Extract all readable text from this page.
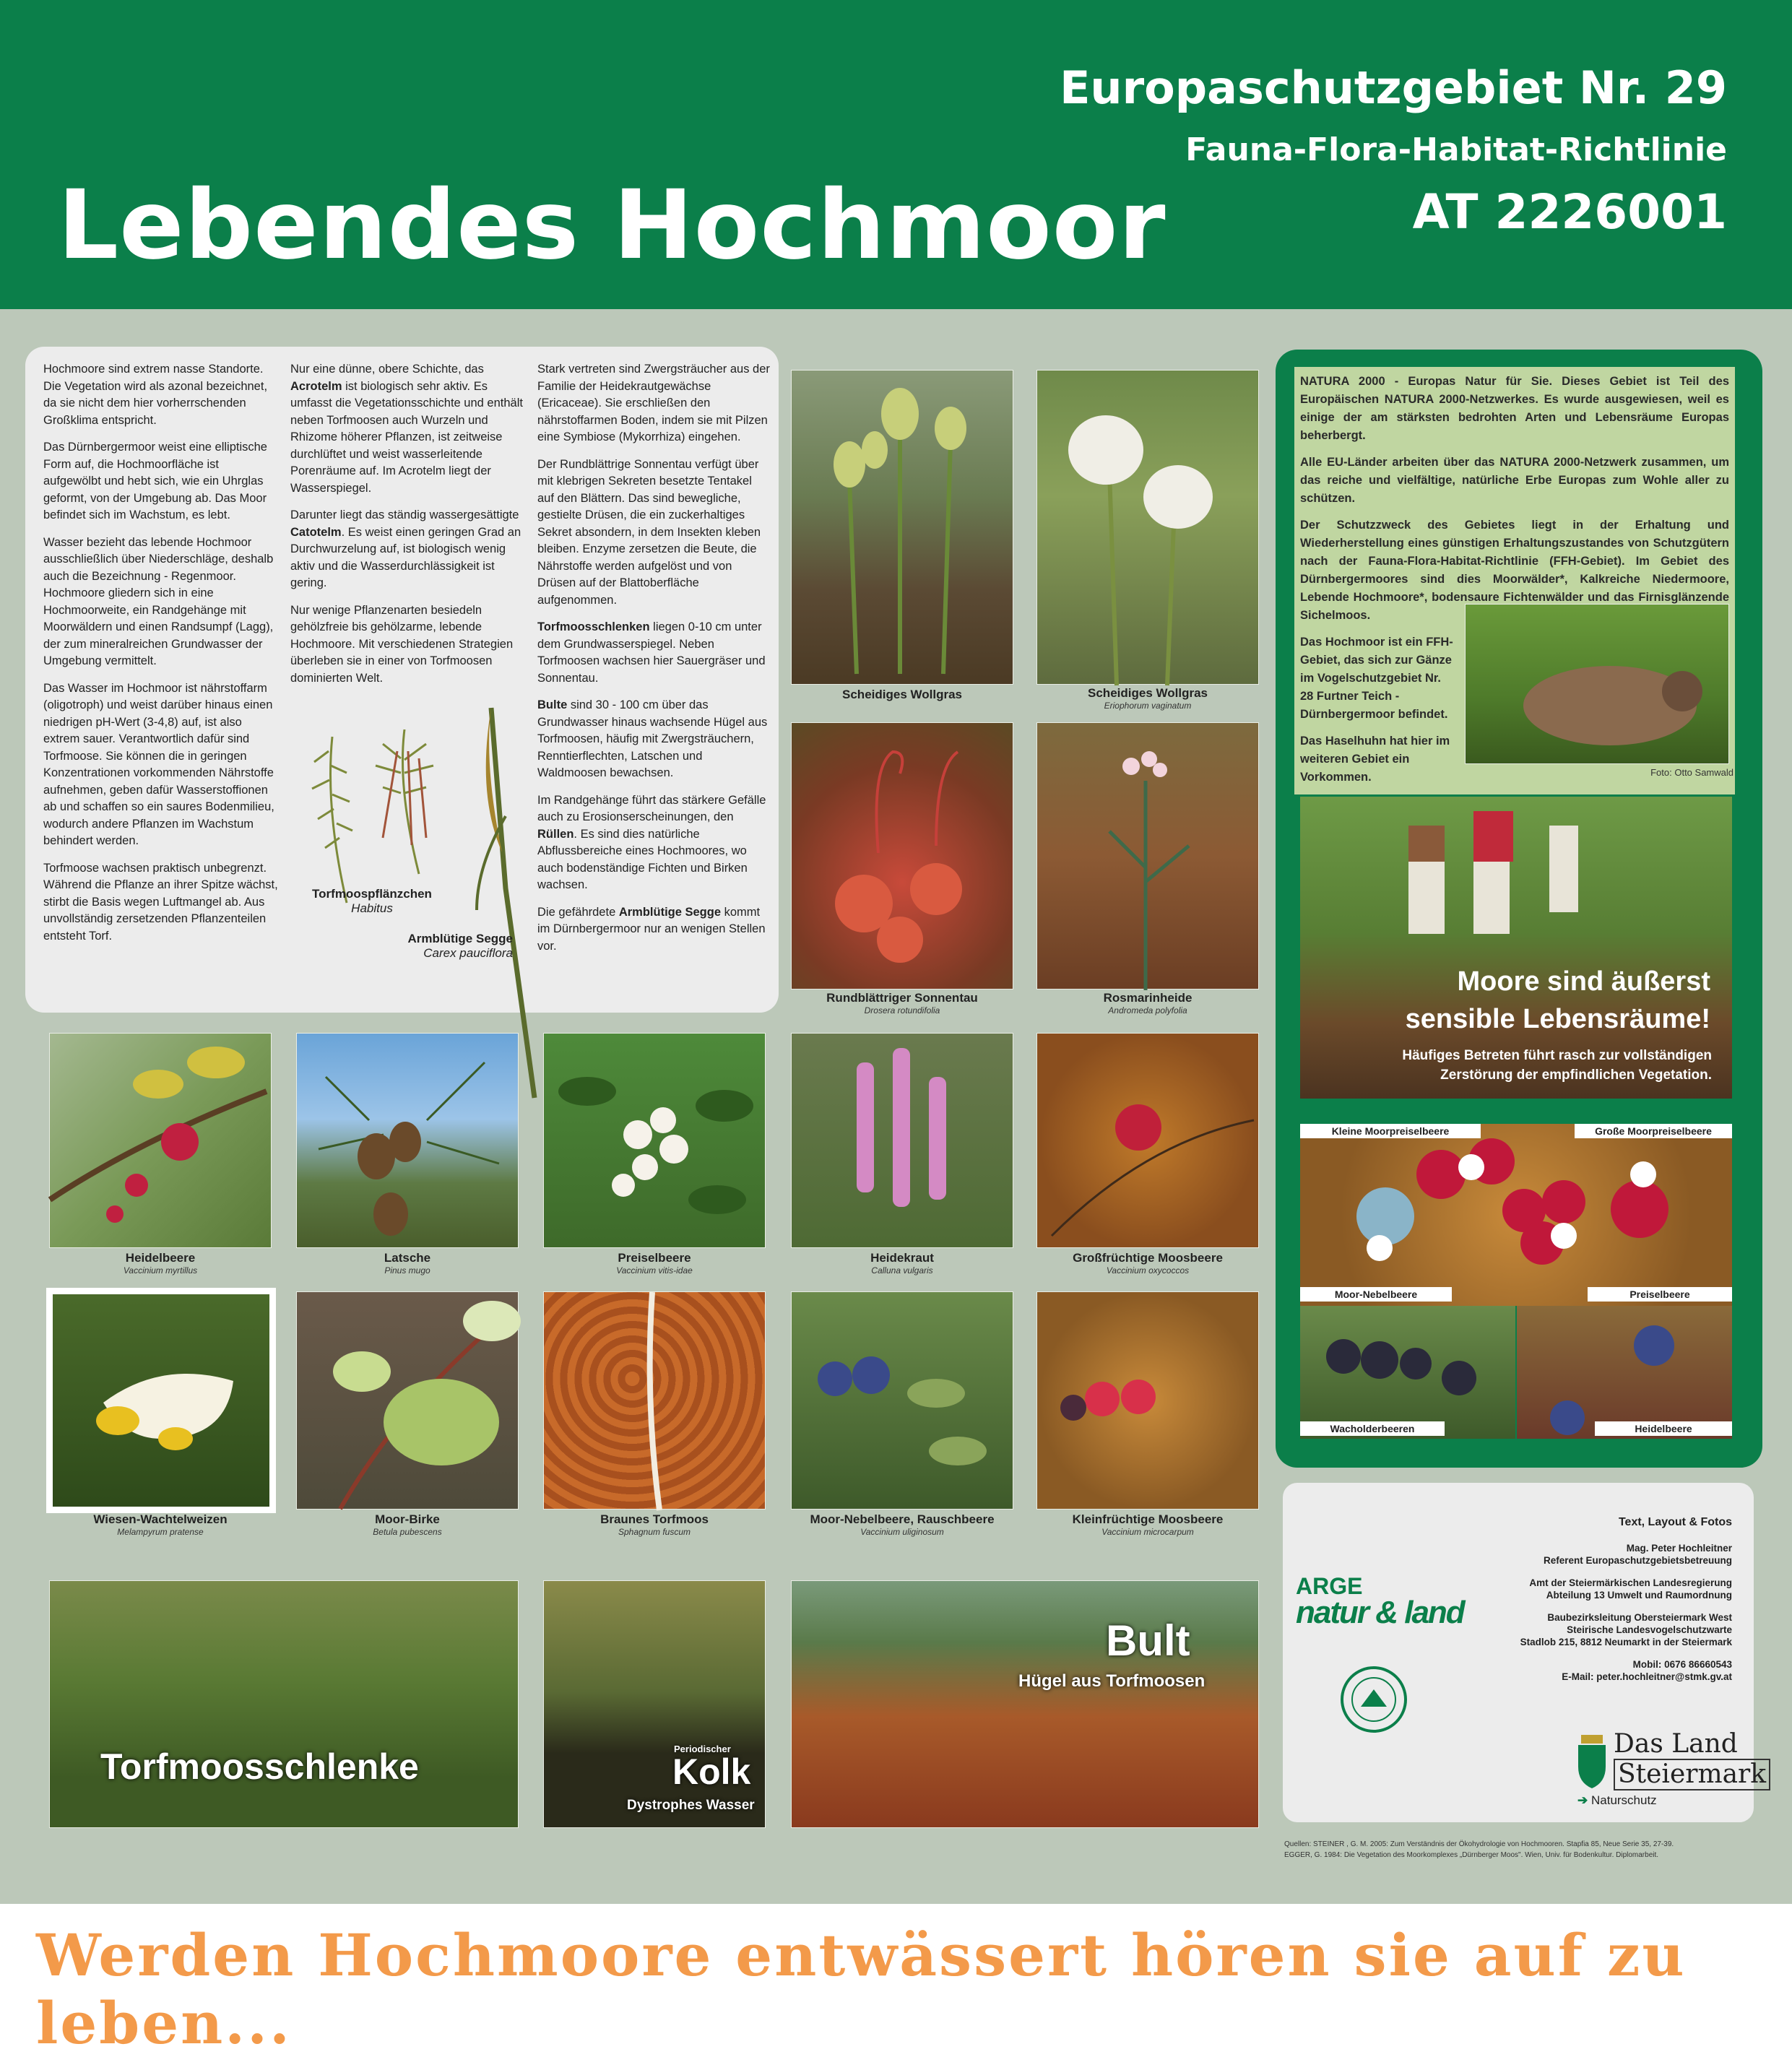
Lebendes Hochmoor
Europaschutzgebiet Nr. 29
Fauna-Flora-Habitat-Richtlinie
AT 2226001

Hochmoore sind extrem nasse Standorte. Die Vegetation wird als azonal bezeichnet, da sie nicht dem hier vorherrschenden Großklima entspricht.

Das Dürnbergermoor weist eine elliptische Form auf, die Hochmoorfläche ist aufgewölbt und hebt sich, wie ein Uhrglas geformt, von der Umgebung ab. Das Moor befindet sich im Wachstum, es lebt.

Wasser bezieht das lebende Hochmoor ausschließlich über Niederschläge, deshalb auch die Bezeichnung - Regenmoor. Hochmoore gliedern sich in eine Hochmoorweite, ein Randgehänge mit Moorwäldern und einen Randsumpf (Lagg), der zum mineralreichen Grundwasser der Umgebung vermittelt.

Das Wasser im Hochmoor ist nährstoffarm (oligotroph) und weist darüber hinaus einen niedrigen pH-Wert (3-4,8) auf, ist also extrem sauer. Verantwortlich dafür sind Torfmoose. Sie können die in geringen Konzentrationen vorkommenden Nährstoffe aufnehmen, geben dafür Wasserstoffionen ab und schaffen so ein saures Bodenmilieu, wodurch andere Pflanzen im Wachstum behindert werden.

Torfmoose wachsen praktisch unbegrenzt. Während die Pflanze an ihrer Spitze wächst, stirbt die Basis wegen Luftmangel ab. Aus unvollständig zersetzenden Pflanzenteilen entsteht Torf.

Nur eine dünne, obere Schichte, das Acrotelm ist biologisch sehr aktiv. Es umfasst die Vegetationsschichte und enthält neben Torfmoosen auch Wurzeln und Rhizome höherer Pflanzen, ist zeitweise durchlüftet und weist wasserleitende Porenräume auf. Im Acrotelm liegt der Wasserspiegel.

Darunter liegt das ständig wassergesättigte Catotelm. Es weist einen geringen Grad an Durchwurzelung auf, ist biologisch wenig aktiv und die Wasserdurchlässigkeit ist gering.

Nur wenige Pflanzenarten besiedeln gehölzfreie bis gehölzarme, lebende Hochmoore. Mit verschiedenen Strategien überleben sie in einer von Torfmoosen dominierten Welt.

Stark vertreten sind Zwergsträucher aus der Familie der Heidekrautgewächse (Ericaceae). Sie erschließen den nährstoffarmen Boden, indem sie mit Pilzen eine Symbiose (Mykorrhiza) eingehen.

Der Rundblättrige Sonnentau verfügt über mit klebrigen Sekreten besetzte Tentakel auf den Blättern. Das sind bewegliche, gestielte Drüsen, die ein zuckerhaltiges Sekret absondern, in dem Insekten kleben bleiben. Enzyme zersetzen die Beute, die Nährstoffe werden aufgelöst und von Drüsen auf der Blattoberfläche aufgenommen.

Torfmoosschlenken liegen 0-10 cm unter dem Grundwasserspiegel. Neben Torfmoosen wachsen hier Sauergräser und Sonnentau.

Bulte sind 30 - 100 cm über das Grundwasser hinaus wachsende Hügel aus Torfmoosen, häufig mit Zwergsträuchern, Renntierflechten, Latschen und Waldmoosen bewachsen.

Im Randgehänge führt das stärkere Gefälle auch zu Erosionserscheinungen, den Rüllen. Es sind dies natürliche Abflussbereiche eines Hochmoores, wo auch bodenständige Fichten und Birken wachsen.

Die gefährdete Armblütige Segge kommt im Dürnbergermoor nur an wenigen Stellen vor.

Torfmoospflänzchen
Habitus
Armblütige Segge
Carex pauciflora
Scheidiges Wollgras	Scheidiges Wollgras
Eriophorum vaginatum
Rundblättriger Sonnentau
Drosera rotundifolia
Rosmarinheide
Andromeda polyfolia
Heidelbeere
Vaccinium myrtillus
Latsche
Pinus mugo
Preiselbeere
Vaccinium vitis-idae
Heidekraut
Calluna vulgaris
Großfrüchtige Moosbeere
Vaccinium oxycoccos
Wiesen-Wachtelweizen
Melampyrum pratense
Moor-Birke
Betula pubescens
Braunes Torfmoos
Sphagnum fuscum
Moor-Nebelbeere, Rauschbeere
Vaccinium uliginosum
Kleinfrüchtige Moosbeere
Vaccinium microcarpum
Torfmoosschlenke	Periodischer
Kolk
Dystrophes Wasser
Bult
Hügel aus Torfmoosen

NATURA 2000 - Europas Natur für Sie. Dieses Gebiet ist Teil des Europäischen NATURA 2000-Netzwerkes. Es wurde ausgewiesen, weil es einige der am stärksten bedrohten Arten und Lebensräume Europas beherbergt.

Alle EU-Länder arbeiten über das NATURA 2000-Netzwerk zusammen, um das reiche und vielfältige, natürliche Erbe Europas zum Wohle aller zu schützen.

Der Schutzzweck des Gebietes liegt in der Erhaltung und Wiederherstellung eines günstigen Erhaltungszustandes von Schutzgütern nach der Fauna-Flora-Habitat-Richtlinie (FFH-Gebiet). Im Gebiet des Dürnbergermoores sind dies Moorwälder*, Kalkreiche Niedermoore, Lebende Hochmoore*, bodensaure Fichtenwälder und das Firnisglänzende Sichelmoos.

Das Hochmoor ist ein FFH-Gebiet, das sich zur Gänze im Vogelschutzgebiet Nr. 28 Furtner Teich - Dürnbergermoor befindet.

Das Haselhuhn hat hier im weiteren Gebiet ein Vorkommen.	Foto: Otto Samwald
Moore sind äußerst
sensible Lebensräume!
Häufiges Betreten führt rasch zur vollständigen
Zerstörung der empfindlichen Vegetation.
Kleine Moorpreiselbeere	Große Moorpreiselbeere
Moor-Nebelbeere	Preiselbeere
Wacholderbeeren	Heidelbeere
Text, Layout & Fotos
Mag. Peter Hochleitner
Referent Europaschutzgebietsbetreuung
Amt der Steiermärkischen Landesregierung
Abteilung 13 Umwelt und Raumordnung
Baubezirksleitung Obersteiermark West
Steirische Landesvogelschutzwarte
Stadlob 215, 8812 Neumarkt in der Steiermark
Mobil: 0676 86660543
E-Mail: peter.hochleitner@stmk.gv.at
ARGE
natur & land
Das Land
Steiermark
➔ Naturschutz
Quellen: STEINER , G. M. 2005: Zum Verständnis der Ökohydrologie von Hochmooren. Stapfia 85, Neue Serie 35, 27-39.
EGGER, G. 1984: Die Vegetation des Moorkomplexes „Dürnberger Moos". Wien, Univ. für Bodenkultur. Diplomarbeit.
Werden Hochmoore entwässert hören sie auf zu leben...
